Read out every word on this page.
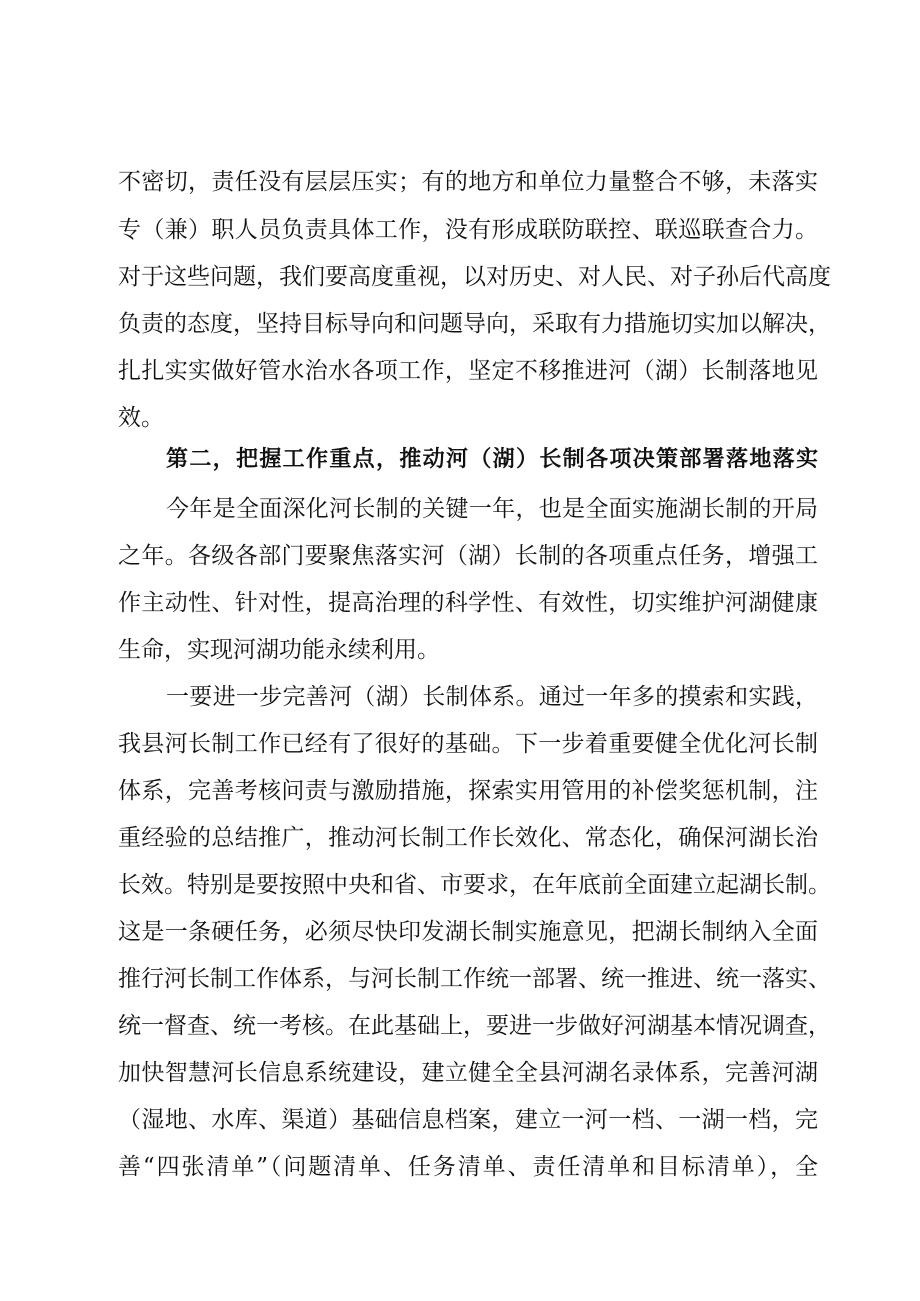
不密切，责任没有层层压实；有的地方和单位力量整合不够，未落实
专（兼）职人员负责具体工作，没有形成联防联控、联巡联查合力。
对于这些问题，我们要高度重视，以对历史、对人民、对子孙后代高度
负责的态度，坚持目标导向和问题导向，采取有力措施切实加以解决，
扎扎实实做好管水治水各项工作，坚定不移推进河（湖）长制落地见
效。
第二，把握工作重点，推动河（湖）长制各项决策部署落地落实
今年是全面深化河长制的关键一年，也是全面实施湖长制的开局
之年。各级各部门要聚焦落实河（湖）长制的各项重点任务，增强工
作主动性、针对性，提高治理的科学性、有效性，切实维护河湖健康
生命，实现河湖功能永续利用。
一要进一步完善河（湖）长制体系。通过一年多的摸索和实践，
我县河长制工作已经有了很好的基础。下一步着重要健全优化河长制
体系，完善考核问责与激励措施，探索实用管用的补偿奖惩机制，注
重经验的总结推广，推动河长制工作长效化、常态化，确保河湖长治
长效。特别是要按照中央和省、市要求，在年底前全面建立起湖长制。
这是一条硬任务，必须尽快印发湖长制实施意见，把湖长制纳入全面
推行河长制工作体系，与河长制工作统一部署、统一推进、统一落实、
统一督查、统一考核。在此基础上，要进一步做好河湖基本情况调查，
加快智慧河长信息系统建设，建立健全全县河湖名录体系，完善河湖
（湿地、水库、渠道）基础信息档案，建立一河一档、一湖一档，完
善“四张清单”（问题清单、任务清单、责任清单和目标清单），全
